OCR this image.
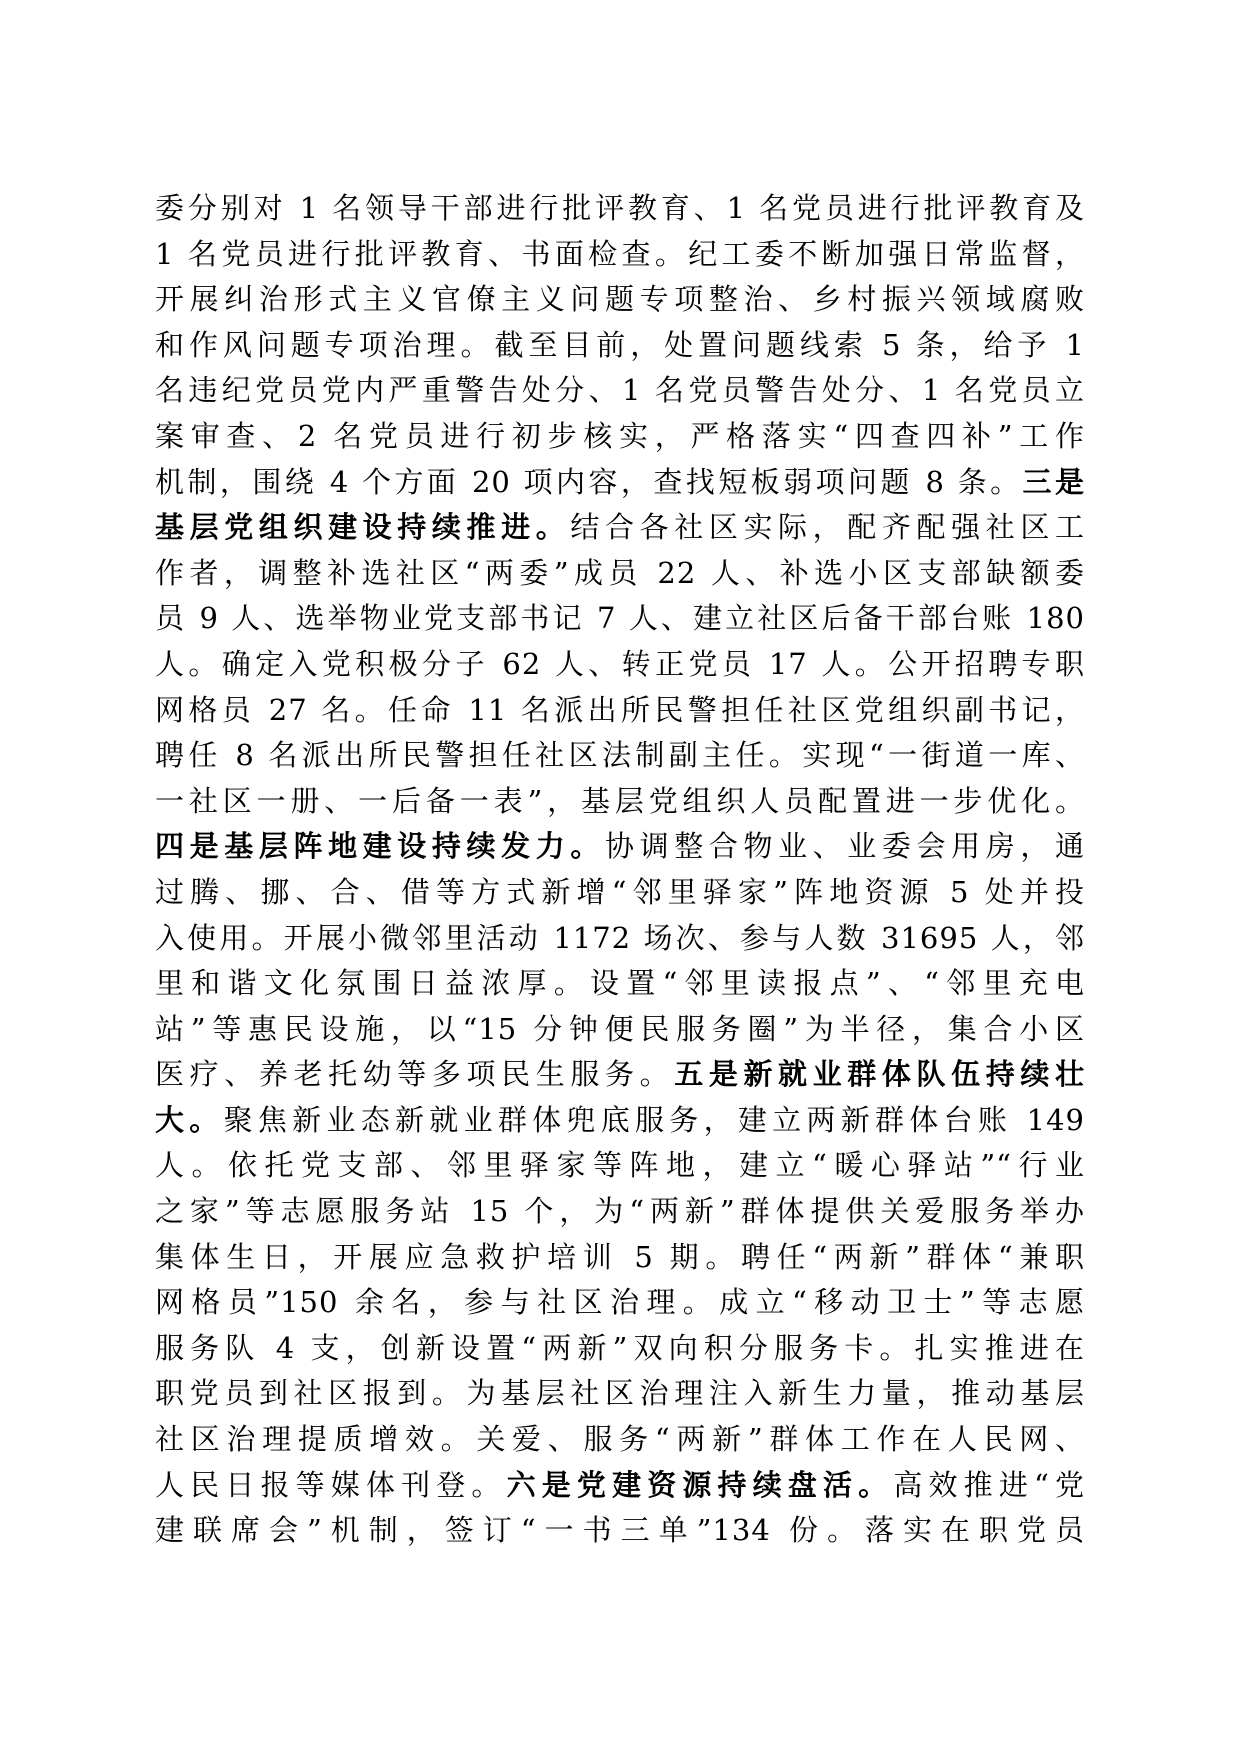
委分别对 1 名领导干部进行批评教育、1 名党员进行批评教育及
1 名党员进行批评教育、书面检查。纪工委不断加强日常监督，
开展纠治形式主义官僚主义问题专项整治、乡村振兴领域腐败
和作风问题专项治理。截至目前，处置问题线索 5 条，给予 1
名违纪党员党内严重警告处分、1 名党员警告处分、1 名党员立
案审查、2 名党员进行初步核实，严格落实“四查四补”工作
机制，围绕 4 个方面 20 项内容，查找短板弱项问题 8 条。三是
基层党组织建设持续推进。结合各社区实际，配齐配强社区工
作者，调整补选社区“两委”成员 22 人、补选小区支部缺额委
员 9 人、选举物业党支部书记 7 人、建立社区后备干部台账 180
人。确定入党积极分子 62 人、转正党员 17 人。公开招聘专职
网格员 27 名。任命 11 名派出所民警担任社区党组织副书记，
聘任 8 名派出所民警担任社区法制副主任。实现“一街道一库、
一社区一册、一后备一表”，基层党组织人员配置进一步优化。
四是基层阵地建设持续发力。协调整合物业、业委会用房，通
过腾、挪、合、借等方式新增“邻里驿家”阵地资源 5 处并投
入使用。开展小微邻里活动 1172 场次、参与人数 31695 人，邻
里和谐文化氛围日益浓厚。设置“邻里读报点”、“邻里充电
站”等惠民设施，以“15 分钟便民服务圈”为半径，集合小区
医疗、养老托幼等多项民生服务。五是新就业群体队伍持续壮
大。聚焦新业态新就业群体兜底服务，建立两新群体台账 149
人。依托党支部、邻里驿家等阵地，建立“暖心驿站”“行业
之家”等志愿服务站 15 个，为“两新”群体提供关爱服务举办
集体生日，开展应急救护培训 5 期。聘任“两新”群体“兼职
网格员”150 余名，参与社区治理。成立“移动卫士”等志愿
服务队 4 支，创新设置“两新”双向积分服务卡。扎实推进在
职党员到社区报到。为基层社区治理注入新生力量，推动基层
社区治理提质增效。关爱、服务“两新”群体工作在人民网、
人民日报等媒体刊登。六是党建资源持续盘活。高效推进“党
建联席会”机制，签订“一书三单”134 份。落实在职党员
